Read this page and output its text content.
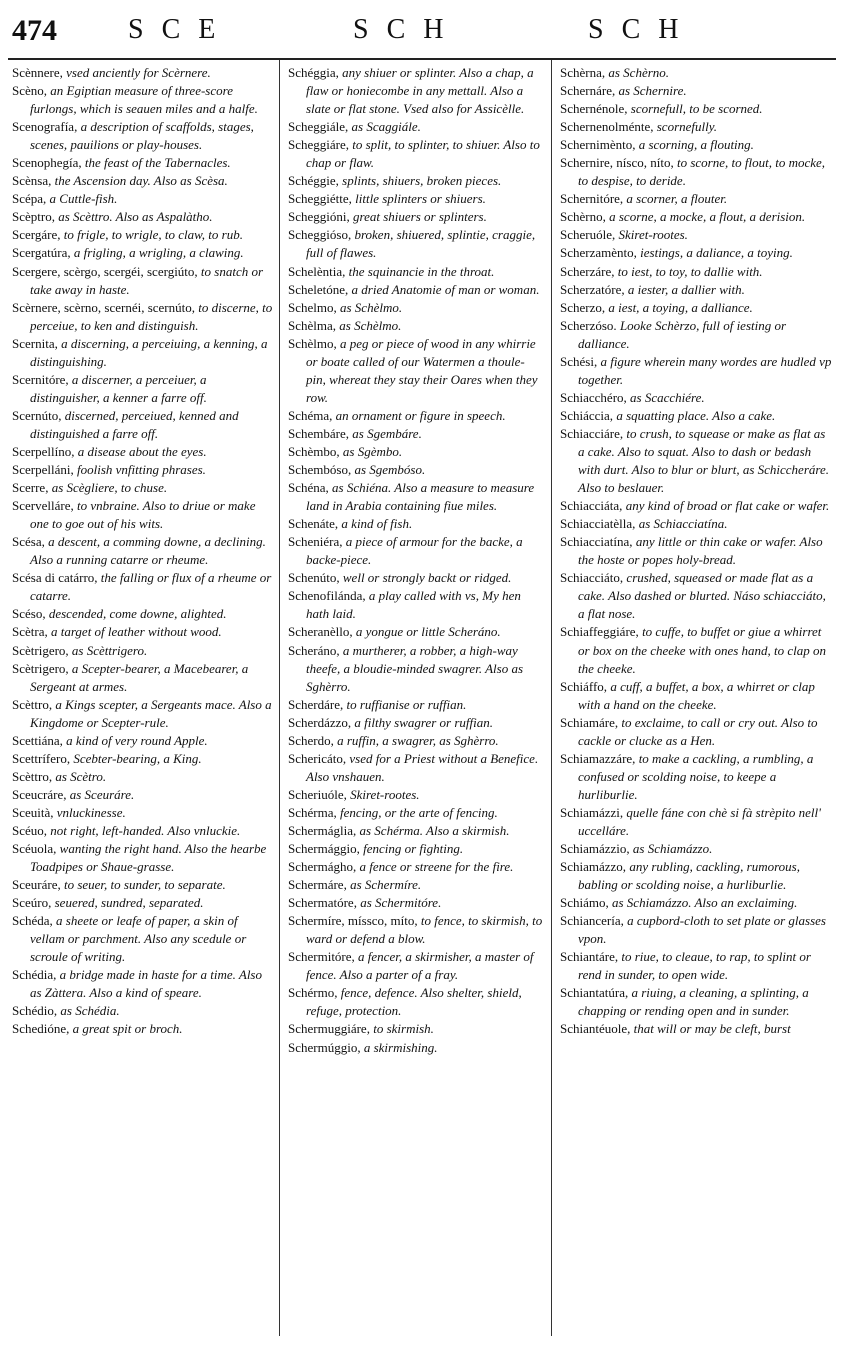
474	SCE	SCH	SCH

Scènnere, vsed anciently for Scèrnere.

Scèno, an Egiptian measure of three-score furlongs, which is seauen miles and a halfe.

Scenografía, a description of scaffolds, stages, scenes, pauilions or play-houses.

Scenophegía, the feast of the Tabernacles.

Scènsa, the Ascension day. Also as Scèsa.

Scépa, a Cuttle-fish.

Scèptro, as Scèttro. Also as Aspalàtho.

Scergáre, to frigle, to wrigle, to claw, to rub.

Scergatúra, a frigling, a wrigling, a clawing.

Scergere, scèrgo, scergéi, scergiúto, to snatch or take away in haste.

Scèrnere, scèrno, scernéi, scernúto, to discerne, to perceiue, to ken and distinguish.

Scernita, a discerning, a perceiuing, a kenning, a distinguishing.

Scernitóre, a discerner, a perceiuer, a distinguisher, a kenner a farre off.

Scernúto, discerned, perceiued, kenned and distinguished a farre off.

Scerpellíno, a disease about the eyes.

Scerpelláni, foolish vnfitting phrases.

Scerre, as Scègliere, to chuse.

Scervelláre, to vnbraine. Also to driue or make one to goe out of his wits.

Scésa, a descent, a comming downe, a declining. Also a running catarre or rheume.

Scésa di catárro, the falling or flux of a rheume or catarre.

Scéso, descended, come downe, alighted.

Scètra, a target of leather without wood.

Scètrigero, as Scèttrigero.

Scètrigero, a Scepter-bearer, a Macebearer, a Sergeant at armes.

Scèttro, a Kings scepter, a Sergeants mace. Also a Kingdome or Scepter-rule.

Scettiána, a kind of very round Apple.

Scettrífero, Scebter-bearing, a King.

Scèttro, as Scètro.

Sceucráre, as Sceuráre.

Sceuità, vnluckinesse.

Scéuo, not right, left-handed. Also vnluckie.

Scéuola, wanting the right hand. Also the hearbe Toadpipes or Shaue-grasse.

Sceuráre, to seuer, to sunder, to separate.

Sceúro, seuered, sundred, separated.

Schéda, a sheete or leafe of paper, a skin of vellam or parchment. Also any scedule or scroule of writing.

Schédia, a bridge made in haste for a time. Also as Zàttera. Also a kind of speare.

Schédio, as Schédia.

Schedióne, a great spit or broch.

Schéggia, any shiuer or splinter. Also a chap, a flaw or honiecombe in any mettall. Also a slate or flat stone. Vsed also for Assicèlle.

Scheggiále, as Scaggiále.

Scheggiáre, to split, to splinter, to shiuer. Also to chap or flaw.

Schéggie, splints, shiuers, broken pieces.

Scheggiétte, little splinters or shiuers.

Scheggióni, great shiuers or splinters.

Scheggióso, broken, shiuered, splintie, craggie, full of flawes.

Schelèntia, the squinancie in the throat.

Scheletóne, a dried Anatomie of man or woman.

Schelmo, as Schèlmo.

Schèlma, as Schèlmo.

Schèlmo, a peg or piece of wood in any whirrie or boate called of our Watermen a thoule-pin, whereat they stay their Oares when they row.

Schéma, an ornament or figure in speech.

Schembáre, as Sgembáre.

Schèmbo, as Sgèmbo.

Schembóso, as Sgembóso.

Schéna, as Schiéna. Also a measure to measure land in Arabia containing fiue miles.

Schenáte, a kind of fish.

Scheniéra, a piece of armour for the backe, a backe-piece.

Schenúto, well or strongly backt or ridged.

Schenofilánda, a play called with vs, My hen hath laid.

Scheranèllo, a yongue or little Scheráno.

Scheráno, a murtherer, a robber, a high-way theefe, a bloudie-minded swagrer. Also as Sghèrro.

Scherdáre, to ruffianise or ruffian.

Scherdázzo, a filthy swagrer or ruffian.

Scherdo, a ruffin, a swagrer, as Sghèrro.

Schericáto, vsed for a Priest without a Benefice. Also vnshauen.

Scheriuóle, Skiret-rootes.

Schérma, fencing, or the arte of fencing.

Schermáglia, as Schérma. Also a skirmish.

Schermággio, fencing or fighting.

Schermágho, a fence or streene for the fire.

Schermáre, as Schermíre.

Schermatóre, as Schermitóre.

Schermíre, míssco, míto, to fence, to skirmish, to ward or defend a blow.

Schermitóre, a fencer, a skirmisher, a master of fence. Also a parter of a fray.

Schérmo, fence, defence. Also shelter, shield, refuge, protection.

Schermuggiáre, to skirmish.

Schermúggio, a skirmishing.

Schèrna, as Schèrno.

Schernáre, as Schernire.

Schernénole, scornefull, to be scorned.

Schernenolménte, scornefully.

Schernimènto, a scorning, a flouting.

Schernire, nísco, níto, to scorne, to flout, to mocke, to despise, to deride.

Schernitóre, a scorner, a flouter.

Schèrno, a scorne, a mocke, a flout, a derision.

Scheruóle, Skiret-rootes.

Scherzamènto, iestings, a daliance, a toying.

Scherzáre, to iest, to toy, to dallie with.

Scherzatóre, a iester, a dallier with.

Scherzo, a iest, a toying, a dalliance.

Scherzóso. Looke Schèrzo, full of iesting or dalliance.

Schési, a figure wherein many wordes are hudled vp together.

Schiacchéro, as Scacchiére.

Schiáccia, a squatting place. Also a cake.

Schiacciáre, to crush, to squease or make as flat as a cake. Also to squat. Also to dash or bedash with durt. Also to blur or blurt, as Schiccheráre. Also to beslauer.

Schiacciáta, any kind of broad or flat cake or wafer.

Schiacciatèlla, as Schiacciatína.

Schiacciatína, any little or thin cake or wafer. Also the hoste or popes holy-bread.

Schiacciáto, crushed, squeased or made flat as a cake. Also dashed or blurted. Náso schiacciáto, a flat nose.

Schiaffeggiáre, to cuffe, to buffet or giue a whirret or box on the cheeke with ones hand, to clap on the cheeke.

Schiáffo, a cuff, a buffet, a box, a whirret or clap with a hand on the cheeke.

Schiamáre, to exclaime, to call or cry out. Also to cackle or clucke as a Hen.

Schiamazzáre, to make a cackling, a rumbling, a confused or scolding noise, to keepe a hurliburlie.

Schiamázzi, quelle fáne con chè si fà strèpito nell' uccelláre.

Schiamázzio, as Schiamázzo.

Schiamázzo, any rubling, cackling, rumorous, babling or scolding noise, a hurliburlie.

Schiámo, as Schiamázzo. Also an exclaiming.

Schiancería, a cupbord-cloth to set plate or glasses vpon.

Schiantáre, to riue, to cleaue, to rap, to splint or rend in sunder, to open wide.

Schiantatúra, a riuing, a cleaning, a splinting, a chapping or rending open and in sunder.

Schiantéuole, that will or may be cleft, burst
